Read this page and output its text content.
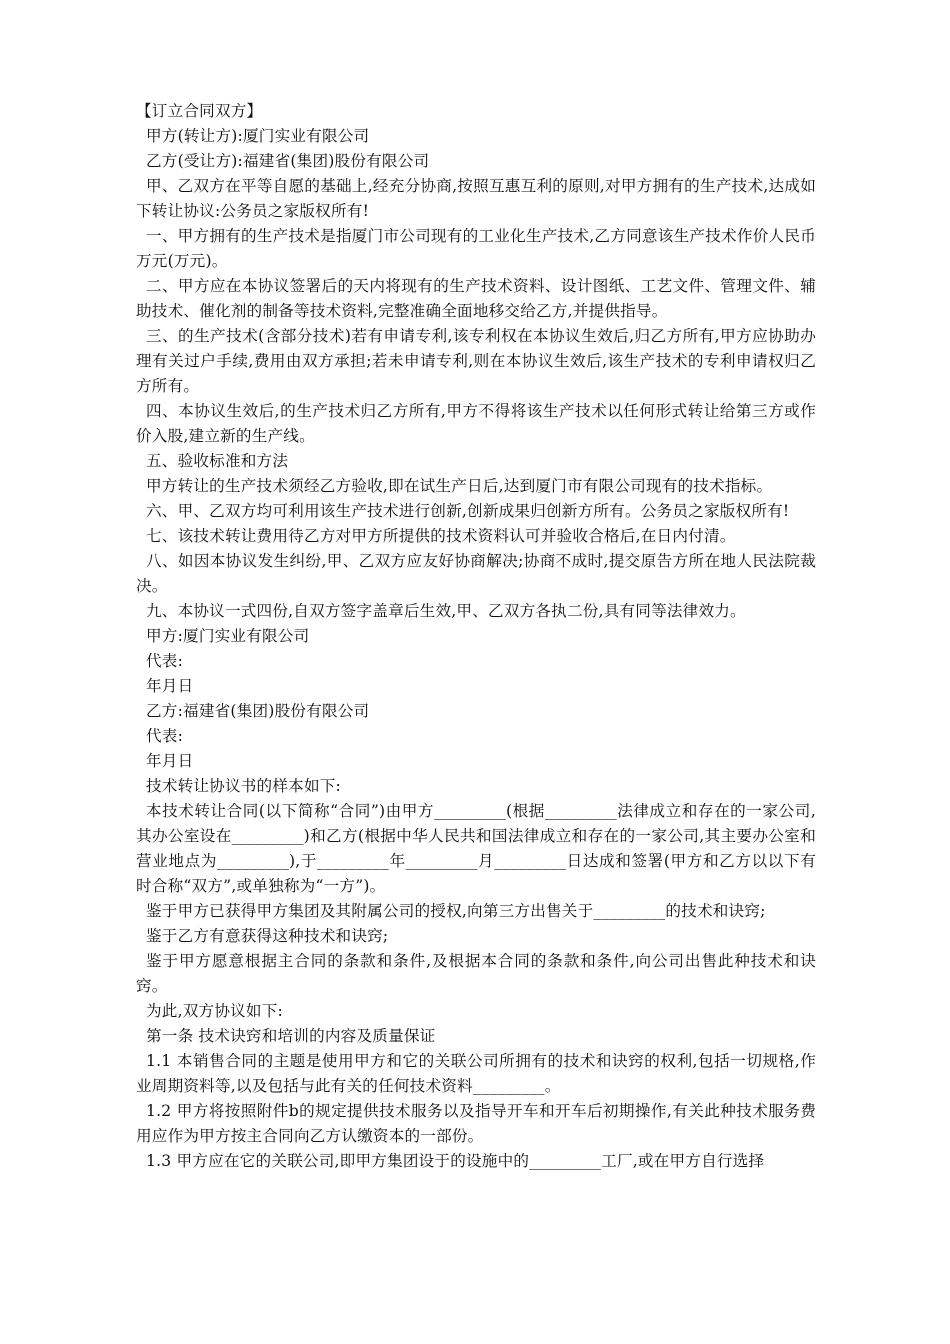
【订立合同双方】

甲方(转让方):厦门实业有限公司

乙方(受让方):福建省(集团)股份有限公司

甲、乙双方在平等自愿的基础上,经充分协商,按照互惠互利的原则,对甲方拥有的生产技术,达成如下转让协议:公务员之家版权所有!

一、甲方拥有的生产技术是指厦门市公司现有的工业化生产技术,乙方同意该生产技术作价人民币万元(万元)。

二、甲方应在本协议签署后的天内将现有的生产技术资料、设计图纸、工艺文件、管理文件、辅助技术、催化剂的制备等技术资料,完整准确全面地移交给乙方,并提供指导。

三、的生产技术(含部分技术)若有申请专利,该专利权在本协议生效后,归乙方所有,甲方应协助办理有关过户手续,费用由双方承担;若未申请专利,则在本协议生效后,该生产技术的专利申请权归乙方所有。

四、本协议生效后,的生产技术归乙方所有,甲方不得将该生产技术以任何形式转让给第三方或作价入股,建立新的生产线。

五、验收标准和方法

甲方转让的生产技术须经乙方验收,即在试生产日后,达到厦门市有限公司现有的技术指标。

六、甲、乙双方均可利用该生产技术进行创新,创新成果归创新方所有。公务员之家版权所有!

七、该技术转让费用待乙方对甲方所提供的技术资料认可并验收合格后,在日内付清。

八、如因本协议发生纠纷,甲、乙双方应友好协商解决;协商不成时,提交原告方所在地人民法院裁决。

九、本协议一式四份,自双方签字盖章后生效,甲、乙双方各执二份,具有同等法律效力。

甲方:厦门实业有限公司

代表:

年月日

乙方:福建省(集团)股份有限公司

代表:

年月日

技术转让协议书的样本如下:

本技术转让合同(以下简称“合同”)由甲方_________(根据_________法律成立和存在的一家公司,其办公室设在_________)和乙方(根据中华人民共和国法律成立和存在的一家公司,其主要办公室和营业地点为_________),于_________年_________月_________日达成和签署(甲方和乙方以以下有时合称“双方”,或单独称为“一方”)。

鉴于甲方已获得甲方集团及其附属公司的授权,向第三方出售关于_________的技术和诀窍;

鉴于乙方有意获得这种技术和诀窍;

鉴于甲方愿意根据主合同的条款和条件,及根据本合同的条款和条件,向公司出售此种技术和诀窍。

为此,双方协议如下:

第一条 技术诀窍和培训的内容及质量保证

1.1 本销售合同的主题是使用甲方和它的关联公司所拥有的技术和诀窍的权利,包括一切规格,作业周期资料等,以及包括与此有关的任何技术资料_________。

1.2 甲方将按照附件b的规定提供技术服务以及指导开车和开车后初期操作,有关此种技术服务费用应作为甲方按主合同向乙方认缴资本的一部份。

1.3 甲方应在它的关联公司,即甲方集团设于的设施中的_________工厂,或在甲方自行选择
